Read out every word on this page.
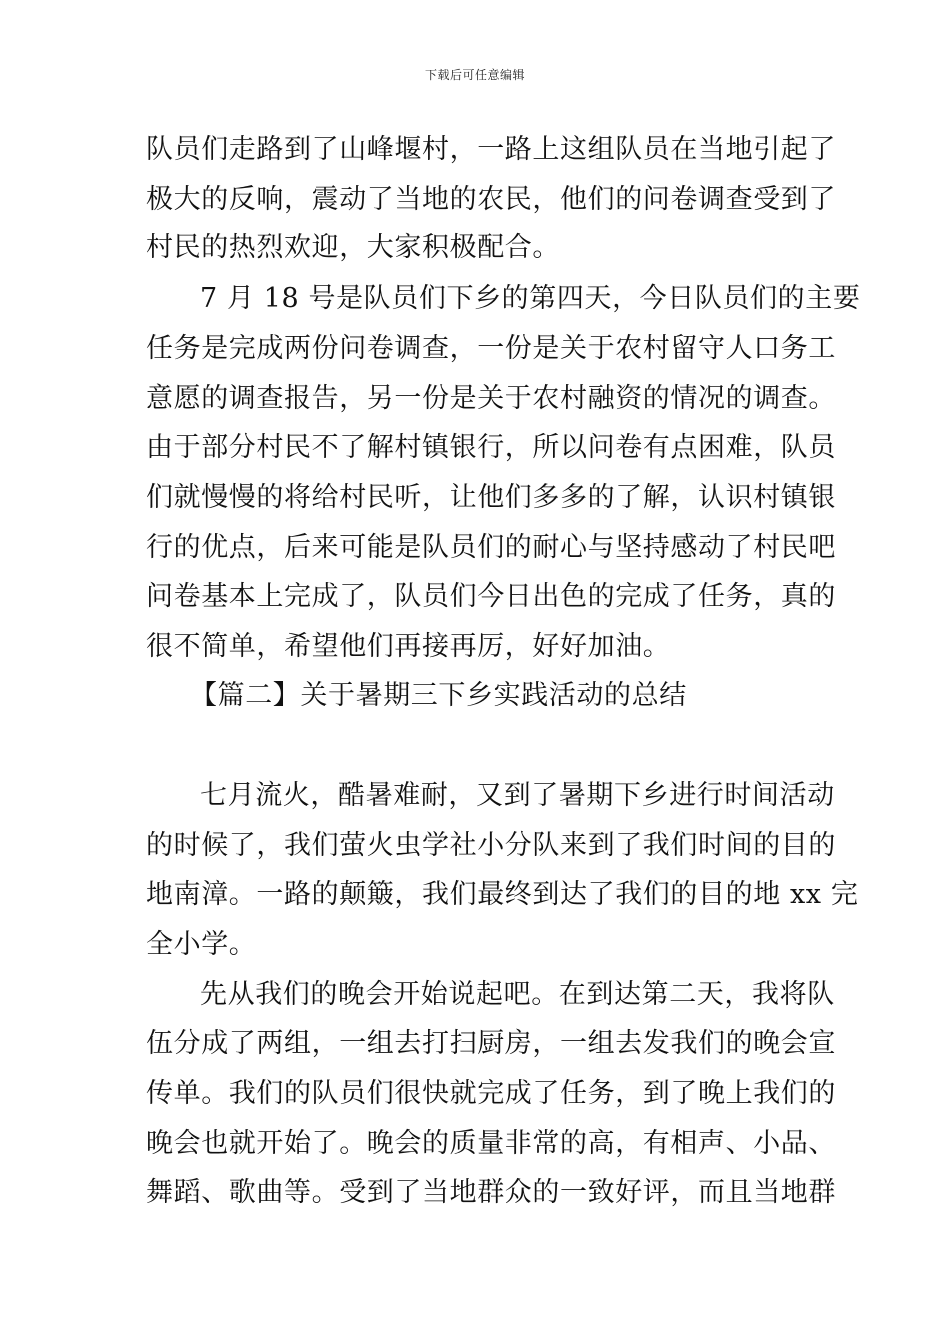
下载后可任意编辑
队员们走路到了山峰堰村，一路上这组队员在当地引起了
极大的反响，震动了当地的农民，他们的问卷调查受到了
村民的热烈欢迎，大家积极配合。
7 月 18 号是队员们下乡的第四天，今日队员们的主要
任务是完成两份问卷调查，一份是关于农村留守人口务工
意愿的调查报告，另一份是关于农村融资的情况的调查。
由于部分村民不了解村镇银行，所以问卷有点困难，队员
们就慢慢的将给村民听，让他们多多的了解，认识村镇银
行的优点，后来可能是队员们的耐心与坚持感动了村民吧
问卷基本上完成了，队员们今日出色的完成了任务，真的
很不简单，希望他们再接再厉，好好加油。
【篇二】关于暑期三下乡实践活动的总结
七月流火，酷暑难耐，又到了暑期下乡进行时间活动
的时候了，我们萤火虫学社小分队来到了我们时间的目的
地南漳。一路的颠簸，我们最终到达了我们的目的地 xx 完
全小学。
先从我们的晚会开始说起吧。在到达第二天，我将队
伍分成了两组，一组去打扫厨房，一组去发我们的晚会宣
传单。我们的队员们很快就完成了任务，到了晚上我们的
晚会也就开始了。晚会的质量非常的高，有相声、小品、
舞蹈、歌曲等。受到了当地群众的一致好评，而且当地群
